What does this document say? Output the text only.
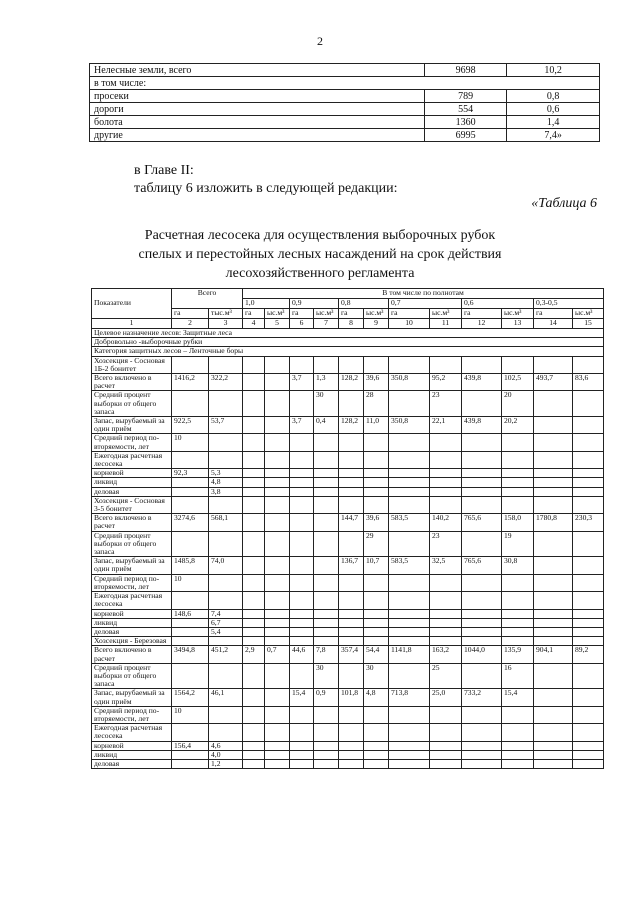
2
Нелесные земли, всего	9698	10,2
в том числе:		
просеки	789	0,8
дороги	554	0,6
болота	1360	1,4
другие	6995	7,4»
в Главе II:
таблицу 6 изложить в следующей редакции:
«Таблица 6
Расчетная лесосека для осуществления выборочных рубок
спелых и перестойных лесных насаждений на срок действия
лесохозяйственного регламента
Показатели	Всего		В том числе по полнотам											
			1,0		0,9		0,8		0,7		0,6		0,3-0,5	
	га	тыс.м³	га	ыс.м³	га	ыс.м³	га	ыс.м³	га	ыс.м³	га	ыс.м³	га	ыс.м³
1	2	3	4	5	6	7	8	9	10	11	12	13	14	15
Целевое назначение лесов: Защитные леса														
Добровольно -выборочные рубки														
Категория защитных лесов – Ленточные боры														
Хозсекция - Сосновая 1Б-2 бонитет														
Всего включено в расчет	1416,2	322,2			3,7	1,3	128,2	39,6	350,8	95,2	439,8	102,5	493,7	83,6
Средний процент выборки от общего запаса						30		28		23		20		
Запас, вырубаемый за один приём	922,5	53,7			3,7	0,4	128,2	11,0	350,8	22,1	439,8	20,2		
Средний период по-вторяемости, лет	10													
Ежегодная расчетная лесосека														
корневой	92,3	5,3												
ликвид		4,8												
деловая		3,8												
Хозсекция - Сосновая 3-5 бонитет														
Всего включено в расчет	3274,6	568,1					144,7	39,6	583,5	140,2	765,6	158,0	1780,8	230,3
Средний процент выборки от общего запаса								29		23		19		
Запас, вырубаемый за один приём	1485,8	74,0					136,7	10,7	583,5	32,5	765,6	30,8		
Средний период по-вторяемости, лет	10													
Ежегодная расчетная лесосека														
корневой	148,6	7,4												
ликвид		6,7												
деловая		5,4												
Хозсекция - Березовая														
Всего включено в расчет	3494,8	451,2	2,9	0,7	44,6	7,8	357,4	54,4	1141,8	163,2	1044,0	135,9	904,1	89,2
Средний процент выборки от общего запаса						30		30		25		16		
Запас, вырубаемый за один приём	1564,2	46,1			15,4	0,9	101,8	4,8	713,8	25,0	733,2	15,4		
Средний период по-вторяемости, лет	10													
Ежегодная расчетная лесосека														
корневой	156,4	4,6												
ликвид		4,0												
деловая		1,2												
